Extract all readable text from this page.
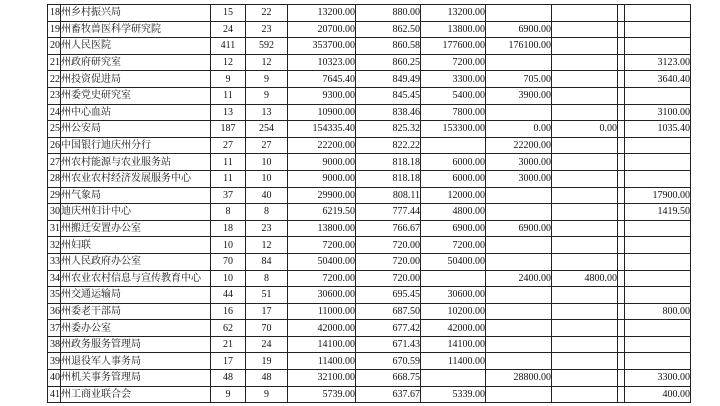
18	州乡村振兴局	15	22	13200.00	880.00	13200.00				
19	州畜牧兽医科学研究院	24	23	20700.00	862.50	13800.00	6900.00			
20	州人民医院	411	592	353700.00	860.58	177600.00	176100.00			
21	州政府研究室	12	12	10323.00	860.25	7200.00				3123.00
22	州投资促进局	9	9	7645.40	849.49	3300.00	705.00			3640.40
23	州委党史研究室	11	9	9300.00	845.45	5400.00	3900.00			
24	州中心血站	13	13	10900.00	838.46	7800.00				3100.00
25	州公安局	187	254	154335.40	825.32	153300.00	0.00	0.00		1035.40
26	中国银行迪庆州分行	27	27	22200.00	822.22		22200.00			
27	州农村能源与农业服务站	11	10	9000.00	818.18	6000.00	3000.00			
28	州农业农村经济发展服务中心	11	10	9000.00	818.18	6000.00	3000.00			
29	州气象局	37	40	29900.00	808.11	12000.00				17900.00
30	迪庆州妇计中心	8	8	6219.50	777.44	4800.00				1419.50
31	州搬迁安置办公室	18	23	13800.00	766.67	6900.00	6900.00			
32	州妇联	10	12	7200.00	720.00	7200.00				
33	州人民政府办公室	70	84	50400.00	720.00	50400.00				
34	州农业农村信息与宣传教育中心	10	8	7200.00	720.00		2400.00	4800.00		
35	州交通运输局	44	51	30600.00	695.45	30600.00				
36	州委老干部局	16	17	11000.00	687.50	10200.00				800.00
37	州委办公室	62	70	42000.00	677.42	42000.00				
38	州政务服务管理局	21	24	14100.00	671.43	14100.00				
39	州退役军人事务局	17	19	11400.00	670.59	11400.00				
40	州机关事务管理局	48	48	32100.00	668.75		28800.00			3300.00
41	州工商业联合会	9	9	5739.00	637.67	5339.00				400.00
